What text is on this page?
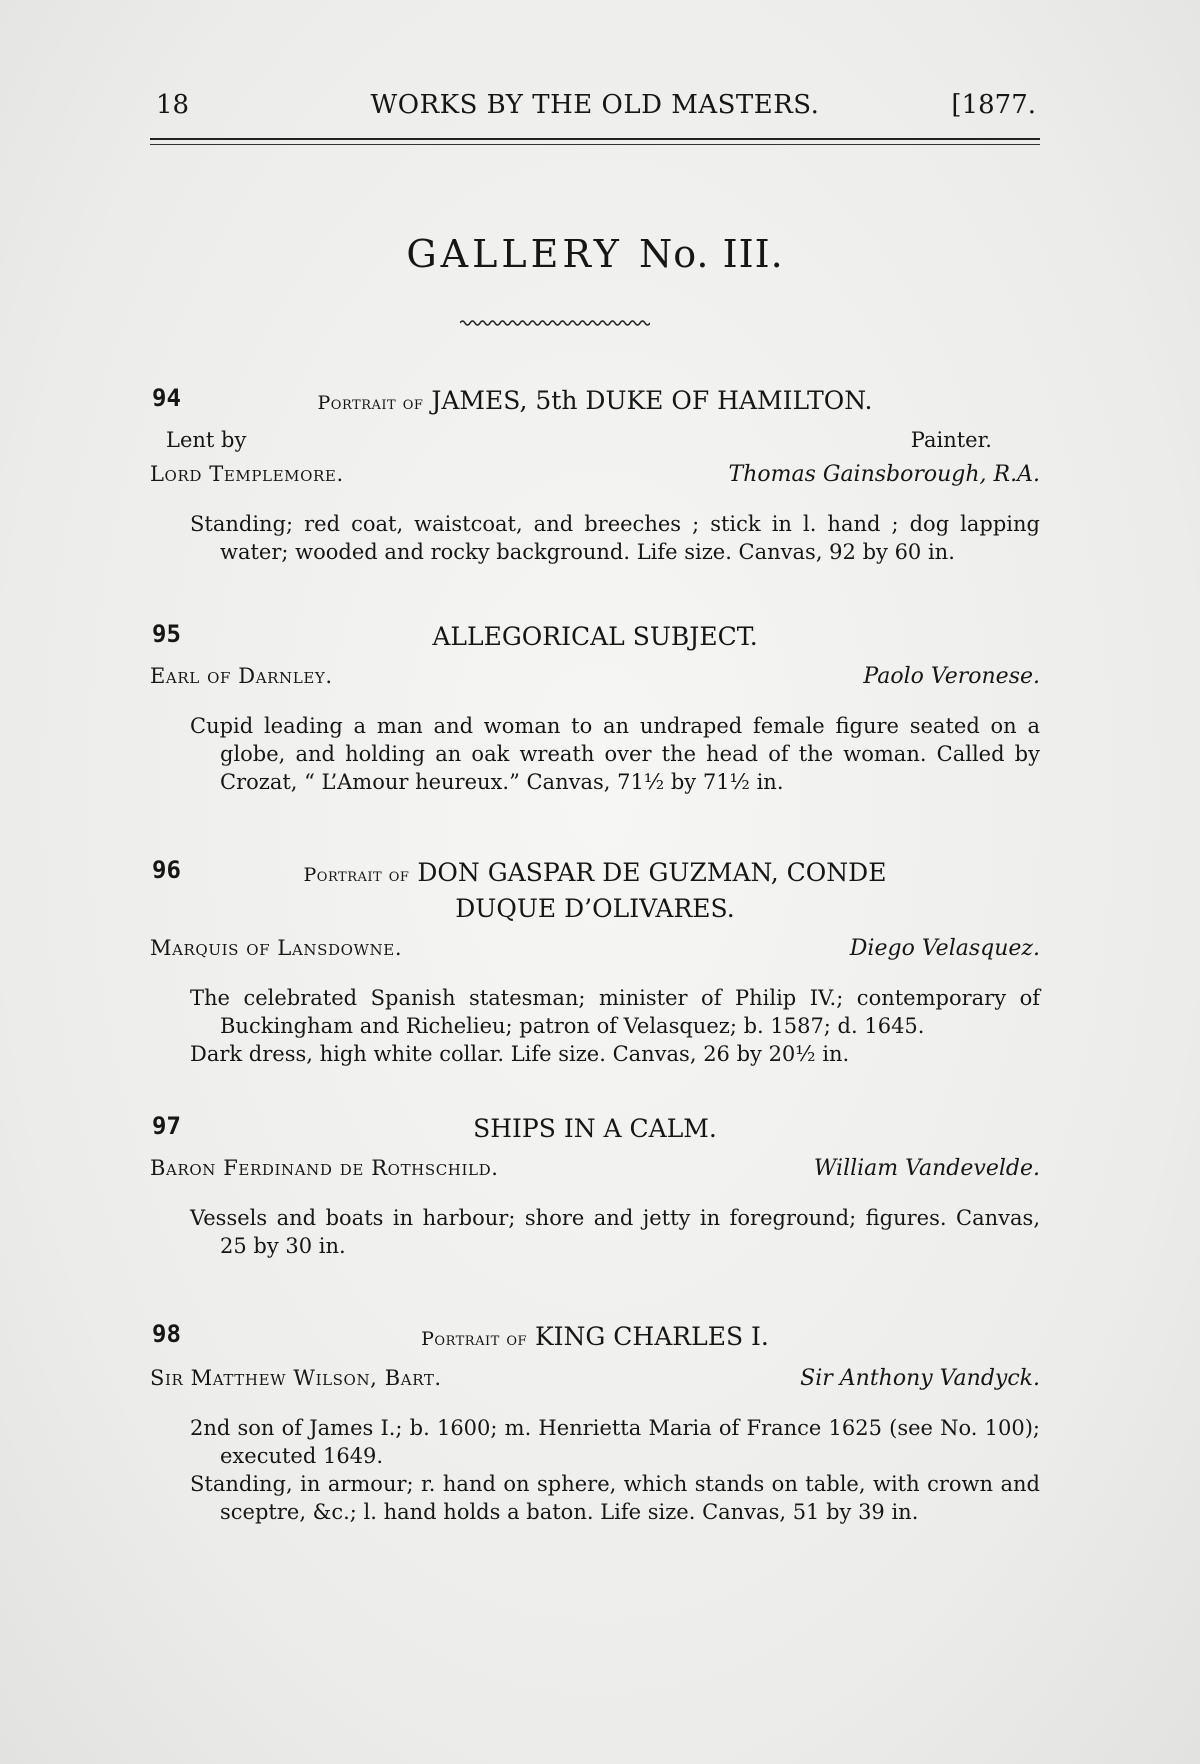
18	WORKS BY THE OLD MASTERS.	[1877.
GALLERY No. III.
94	Portrait of JAMES, 5th DUKE OF HAMILTON.
Lent by	Painter.
Lord Templemore.	Thomas Gainsborough, R.A.

Standing; red coat, waistcoat, and breeches ; stick in l. hand ; dog lapping water; wooded and rocky background. Life size. Canvas, 92 by 60 in.

95	ALLEGORICAL SUBJECT.
Earl of Darnley.	Paolo Veronese.

Cupid leading a man and woman to an undraped female figure seated on a globe, and holding an oak wreath over the head of the woman. Called by Crozat, “ L’Amour heureux.” Canvas, 71½ by 71½ in.

96	Portrait of DON GASPAR DE GUZMAN, CONDE
DUQUE D’OLIVARES.
Marquis of Lansdowne.	Diego Velasquez.

The celebrated Spanish statesman; minister of Philip IV.; contemporary of Buckingham and Richelieu; patron of Velasquez; b. 1587; d. 1645.

Dark dress, high white collar. Life size. Canvas, 26 by 20½ in.

97	SHIPS IN A CALM.
Baron Ferdinand de Rothschild.	William Vandevelde.

Vessels and boats in harbour; shore and jetty in foreground; figures. Canvas, 25 by 30 in.

98	Portrait of KING CHARLES I.
Sir Matthew Wilson, Bart.	Sir Anthony Vandyck.

2nd son of James I.; b. 1600; m. Henrietta Maria of France 1625 (see No. 100); executed 1649.

Standing, in armour; r. hand on sphere, which stands on table, with crown and sceptre, &c.; l. hand holds a baton. Life size. Canvas, 51 by 39 in.
